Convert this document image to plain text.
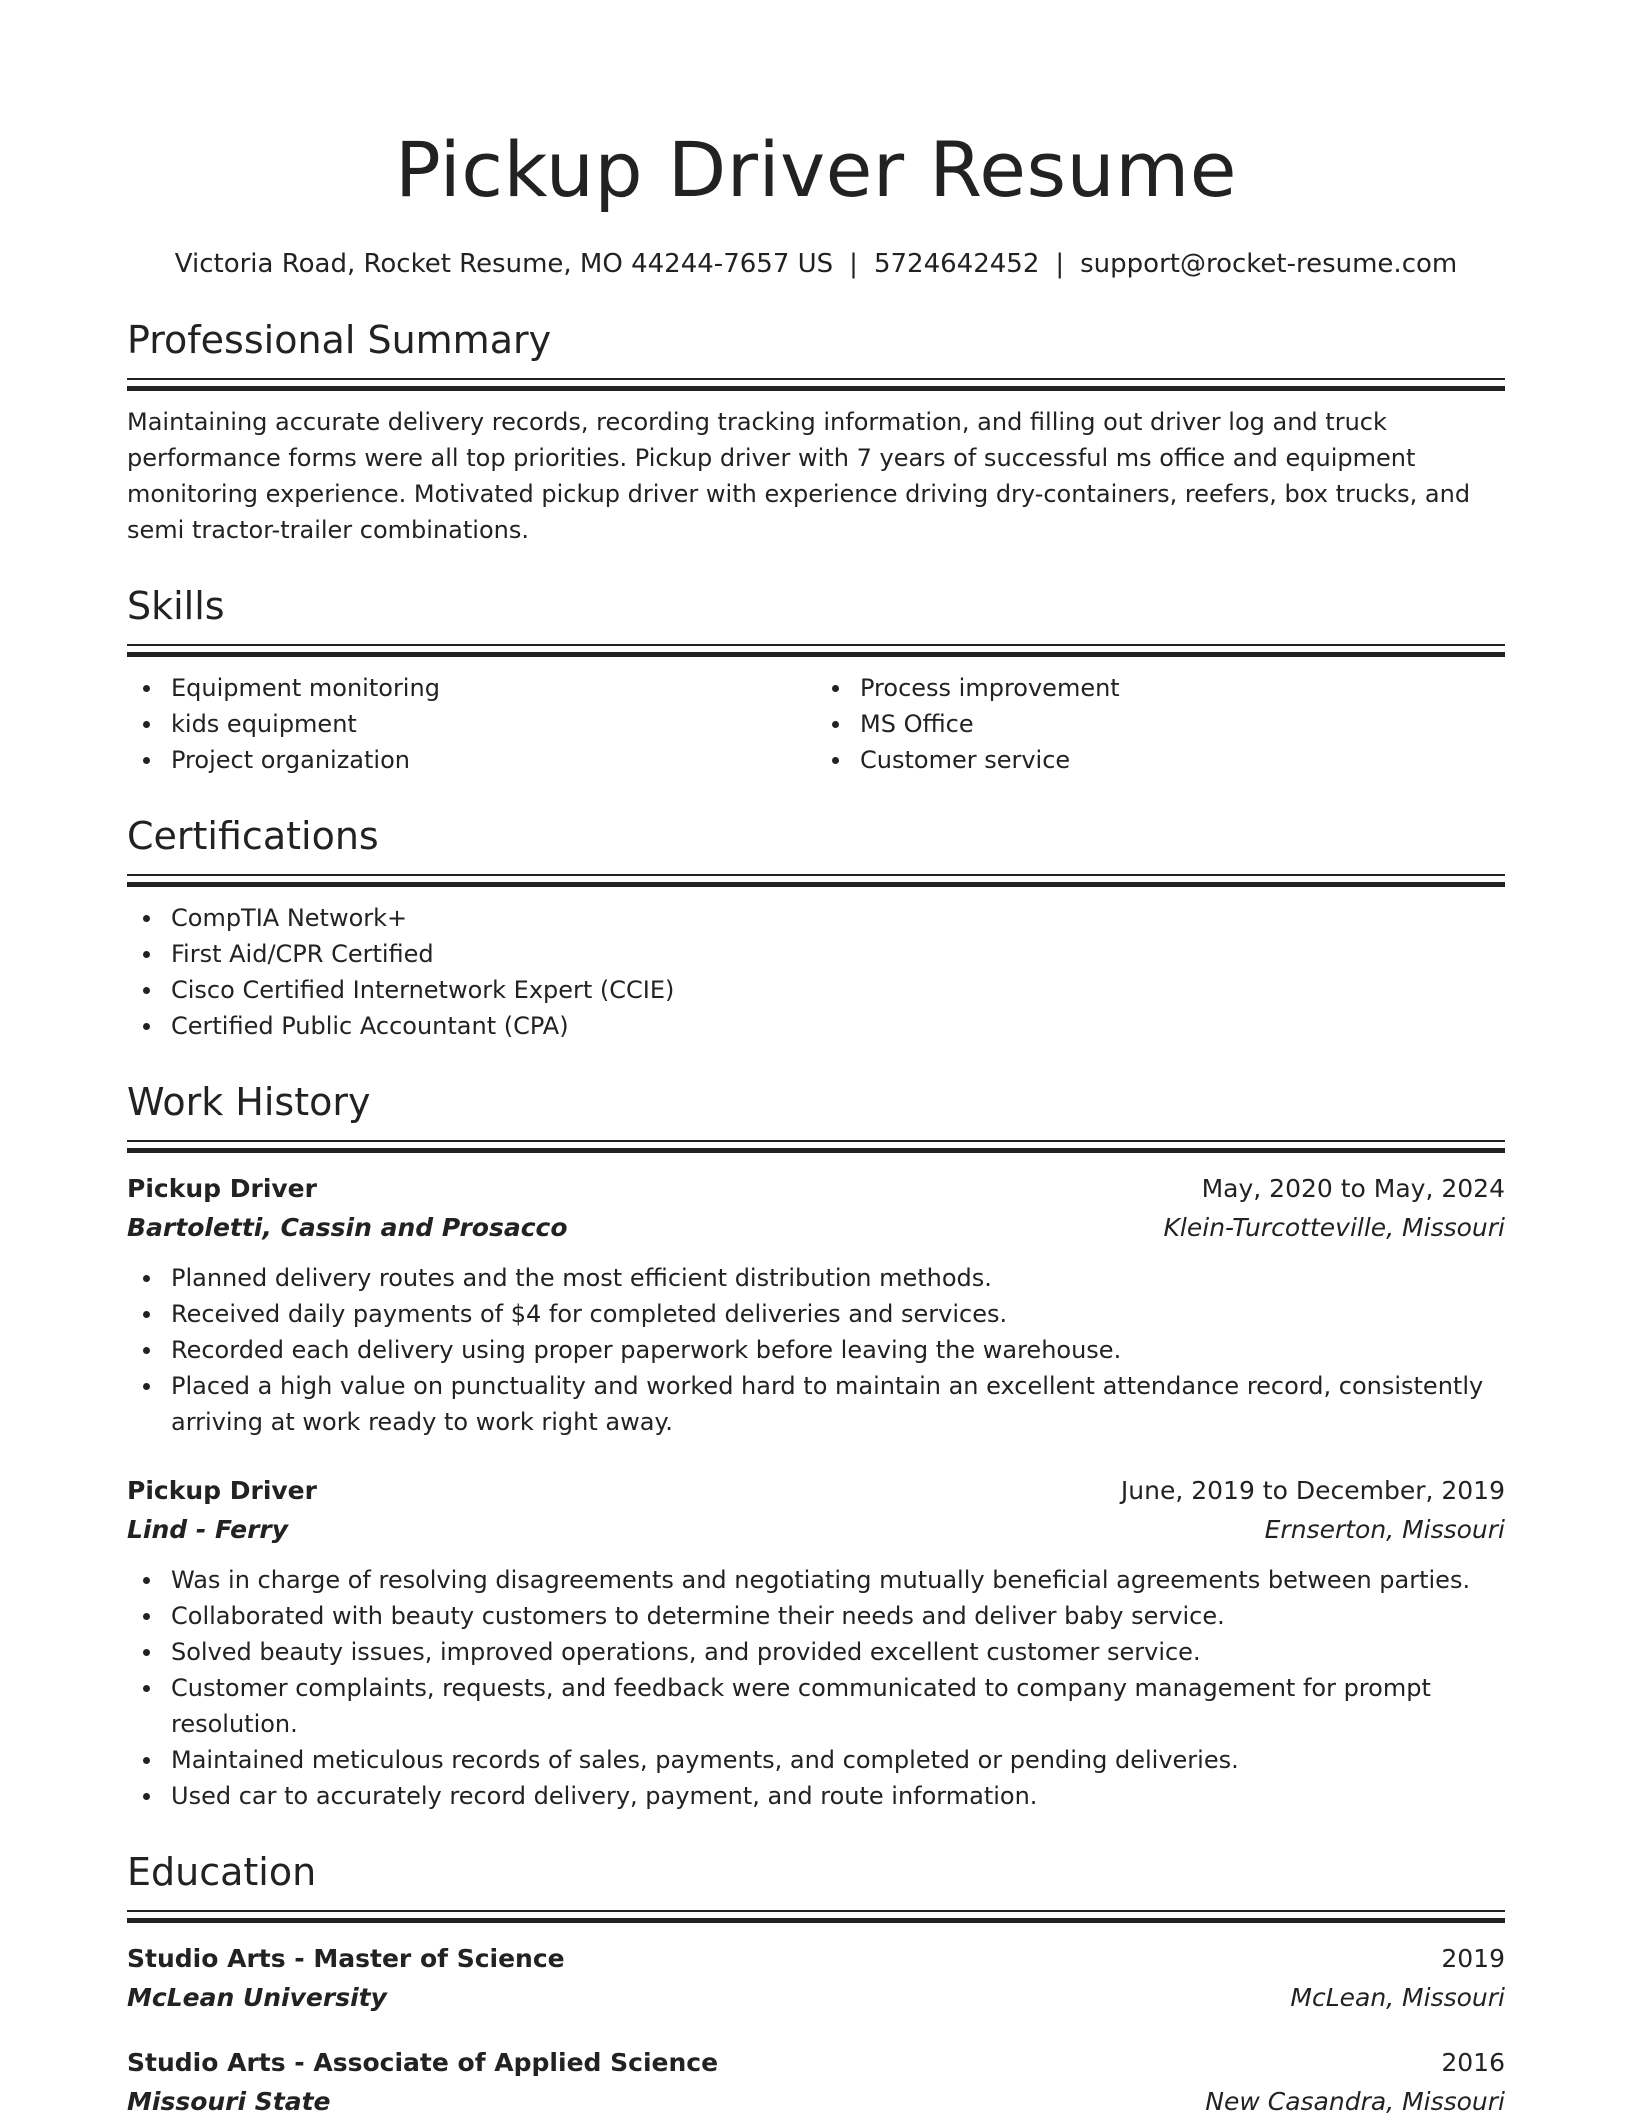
Pickup Driver Resume
Victoria Road, Rocket Resume, MO 44244-7657 US | 5724642452 | support@rocket-resume.com
Professional Summary
Maintaining accurate delivery records, recording tracking information, and filling out driver log and truck performance forms were all top priorities. Pickup driver with 7 years of successful ms office and equipment monitoring experience. Motivated pickup driver with experience driving dry-containers, reefers, box trucks, and semi tractor-trailer combinations.
Skills
Equipment monitoring
kids equipment
Project organization
Process improvement
MS Office
Customer service
Certifications
CompTIA Network+
First Aid/CPR Certified
Cisco Certified Internetwork Expert (CCIE)
Certified Public Accountant (CPA)
Work History
Pickup Driver	May, 2020 to May, 2024
Bartoletti, Cassin and Prosacco	Klein-Turcotteville, Missouri
Planned delivery routes and the most efficient distribution methods.
Received daily payments of $4 for completed deliveries and services.
Recorded each delivery using proper paperwork before leaving the warehouse.
Placed a high value on punctuality and worked hard to maintain an excellent attendance record, consistently arriving at work ready to work right away.
Pickup Driver	June, 2019 to December, 2019
Lind - Ferry	Ernserton, Missouri
Was in charge of resolving disagreements and negotiating mutually beneficial agreements between parties.
Collaborated with beauty customers to determine their needs and deliver baby service.
Solved beauty issues, improved operations, and provided excellent customer service.
Customer complaints, requests, and feedback were communicated to company management for prompt resolution.
Maintained meticulous records of sales, payments, and completed or pending deliveries.
Used car to accurately record delivery, payment, and route information.
Education
Studio Arts - Master of Science	2019
McLean University	McLean, Missouri
Studio Arts - Associate of Applied Science	2016
Missouri State	New Casandra, Missouri
